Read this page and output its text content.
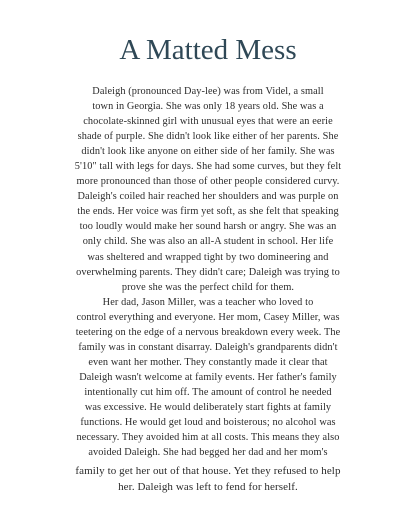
A Matted Mess
Daleigh (pronounced Day-lee) was from Videl, a small
town in Georgia. She was only 18 years old. She was a
chocolate-skinned girl with unusual eyes that were an eerie
shade of purple. She didn't look like either of her parents. She
didn't look like anyone on either side of her family. She was
5'10" tall with legs for days. She had some curves, but they felt
more pronounced than those of other people considered curvy.
Daleigh's coiled hair reached her shoulders and was purple on
the ends. Her voice was firm yet soft, as she felt that speaking
too loudly would make her sound harsh or angry. She was an
only child. She was also an all-A student in school. Her life
was sheltered and wrapped tight by two domineering and
overwhelming parents. They didn't care; Daleigh was trying to
prove she was the perfect child for them.
Her dad, Jason Miller, was a teacher who loved to
control everything and everyone. Her mom, Casey Miller, was
teetering on the edge of a nervous breakdown every week. The
family was in constant disarray. Daleigh's grandparents didn't
even want her mother. They constantly made it clear that
Daleigh wasn't welcome at family events. Her father's family
intentionally cut him off. The amount of control he needed
was excessive. He would deliberately start fights at family
functions. He would get loud and boisterous; no alcohol was
necessary. They avoided him at all costs. This means they also
avoided Daleigh. She had begged her dad and her mom's
family to get her out of that house. Yet they refused to help
her. Daleigh was left to fend for herself.
